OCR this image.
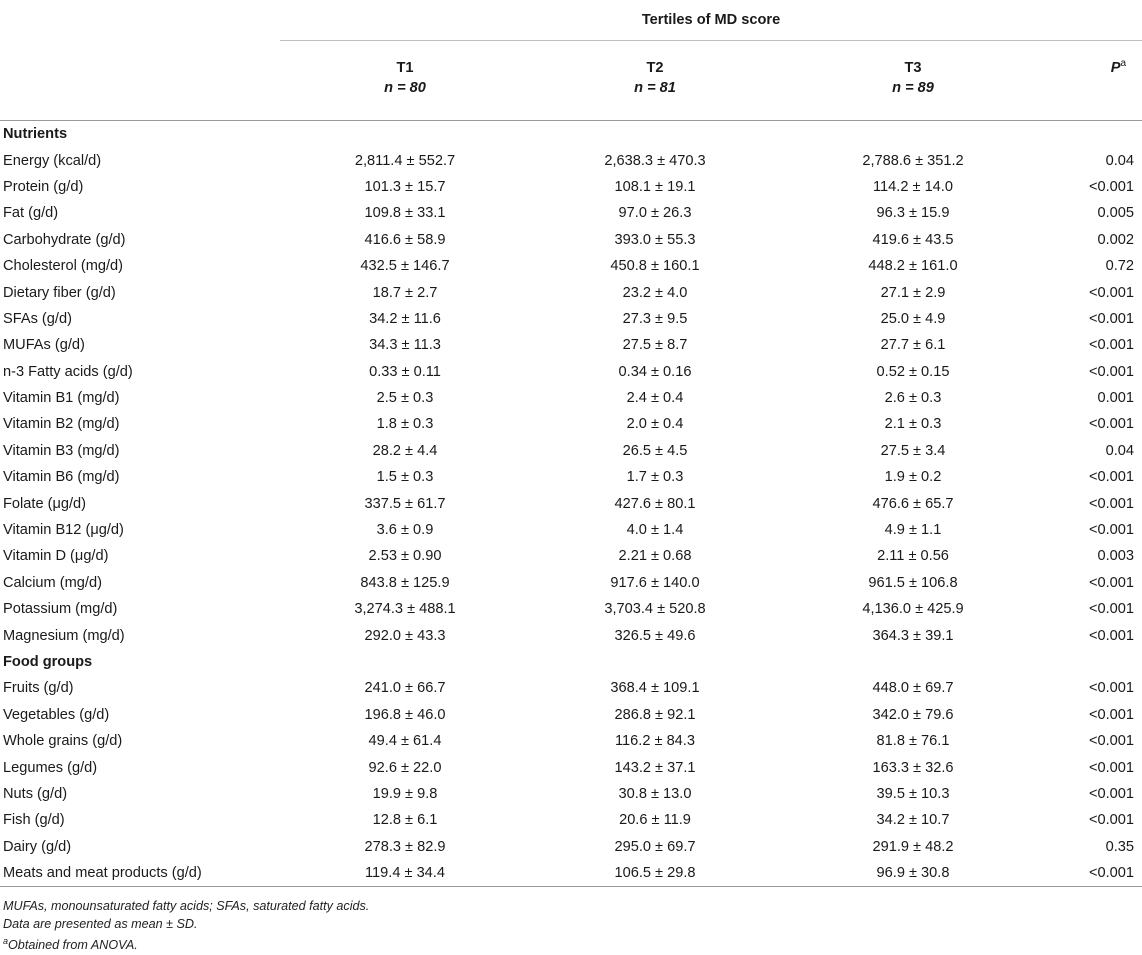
	Tertiles of MD score			

	T1	T2	T3	$P^a$
	n = 80	n = 81	n = 89	

Nutrients				
Energy (kcal/d)	2,811.4 ± 552.7	2,638.3 ± 470.3	2,788.6 ± 351.2	0.04
Protein (g/d)	101.3 ± 15.7	108.1 ± 19.1	114.2 ± 14.0	<0.001
Fat (g/d)	109.8 ± 33.1	97.0 ± 26.3	96.3 ± 15.9	0.005
Carbohydrate (g/d)	416.6 ± 58.9	393.0 ± 55.3	419.6 ± 43.5	0.002
Cholesterol (mg/d)	432.5 ± 146.7	450.8 ± 160.1	448.2 ± 161.0	0.72
Dietary fiber (g/d)	18.7 ± 2.7	23.2 ± 4.0	27.1 ± 2.9	<0.001
SFAs (g/d)	34.2 ± 11.6	27.3 ± 9.5	25.0 ± 4.9	<0.001
MUFAs (g/d)	34.3 ± 11.3	27.5 ± 8.7	27.7 ± 6.1	<0.001
n-3 Fatty acids (g/d)	0.33 ± 0.11	0.34 ± 0.16	0.52 ± 0.15	<0.001
Vitamin B1 (mg/d)	2.5 ± 0.3	2.4 ± 0.4	2.6 ± 0.3	0.001
Vitamin B2 (mg/d)	1.8 ± 0.3	2.0 ± 0.4	2.1 ± 0.3	<0.001
Vitamin B3 (mg/d)	28.2 ± 4.4	26.5 ± 4.5	27.5 ± 3.4	0.04
Vitamin B6 (mg/d)	1.5 ± 0.3	1.7 ± 0.3	1.9 ± 0.2	<0.001
Folate (μg/d)	337.5 ± 61.7	427.6 ± 80.1	476.6 ± 65.7	<0.001
Vitamin B12 (μg/d)	3.6 ± 0.9	4.0 ± 1.4	4.9 ± 1.1	<0.001
Vitamin D (μg/d)	2.53 ± 0.90	2.21 ± 0.68	2.11 ± 0.56	0.003
Calcium (mg/d)	843.8 ± 125.9	917.6 ± 140.0	961.5 ± 106.8	<0.001
Potassium (mg/d)	3,274.3 ± 488.1	3,703.4 ± 520.8	4,136.0 ± 425.9	<0.001
Magnesium (mg/d)	292.0 ± 43.3	326.5 ± 49.6	364.3 ± 39.1	<0.001
Food groups				
Fruits (g/d)	241.0 ± 66.7	368.4 ± 109.1	448.0 ± 69.7	<0.001
Vegetables (g/d)	196.8 ± 46.0	286.8 ± 92.1	342.0 ± 79.6	<0.001
Whole grains (g/d)	49.4 ± 61.4	116.2 ± 84.3	81.8 ± 76.1	<0.001
Legumes (g/d)	92.6 ± 22.0	143.2 ± 37.1	163.3 ± 32.6	<0.001
Nuts (g/d)	19.9 ± 9.8	30.8 ± 13.0	39.5 ± 10.3	<0.001
Fish (g/d)	12.8 ± 6.1	20.6 ± 11.9	34.2 ± 10.7	<0.001
Dairy (g/d)	278.3 ± 82.9	295.0 ± 69.7	291.9 ± 48.2	0.35
Meats and meat products (g/d)	119.4 ± 34.4	106.5 ± 29.8	96.9 ± 30.8	<0.001

MUFAs, monounsaturated fatty acids; SFAs, saturated fatty acids.
Data are presented as mean ± SD.
$^a$Obtained from ANOVA.
